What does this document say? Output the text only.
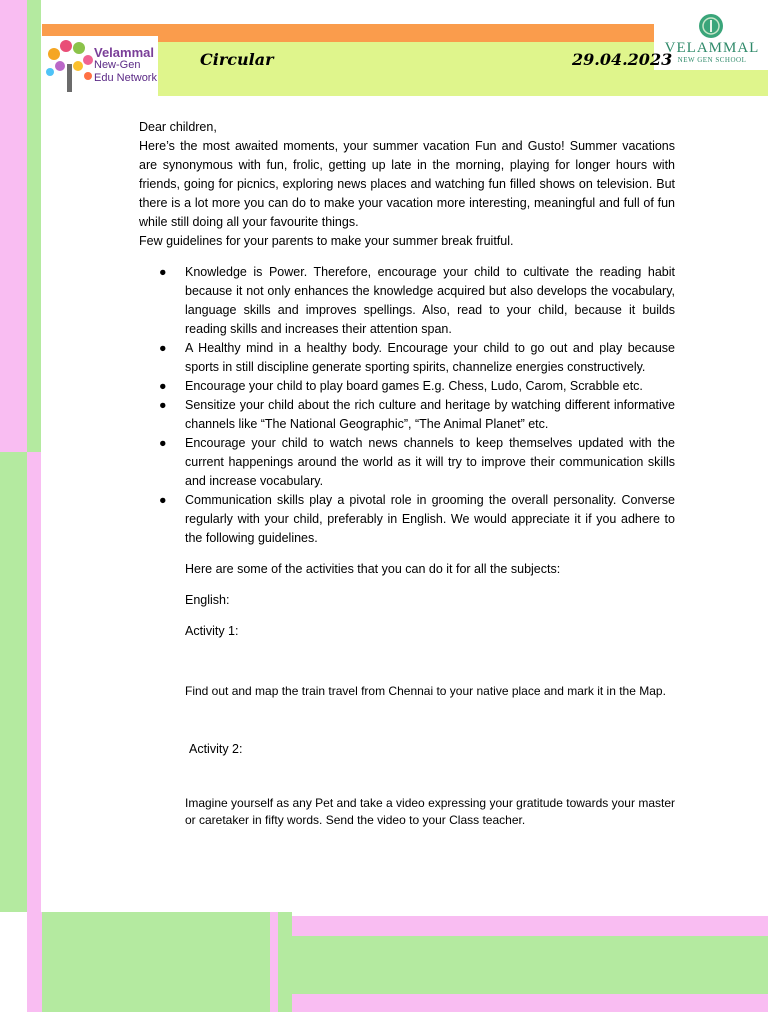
Velammal
New-Gen
Edu Network
VELAMMAL
NEW GEN SCHOOL
Circular	29.04.2023

Dear children,

Here’s the most awaited moments, your summer vacation Fun and Gusto! Summer vacations are synonymous with fun, frolic, getting up late in the morning, playing for longer hours with friends, going for picnics, exploring news places and watching fun filled shows on television. But there is a lot more you can do to make your vacation more interesting, meaningful and full of fun while still doing all your favourite things.

Few guidelines for your parents to make your summer break fruitful.

● Knowledge is Power. Therefore, encourage your child to cultivate the reading habit because it not only enhances the knowledge acquired but also develops the vocabulary, language skills and improves spellings. Also, read to your child, because it builds reading skills and increases their attention span.
● A Healthy mind in a healthy body. Encourage your child to go out and play because sports in still discipline generate sporting spirits, channelize energies constructively.
● Encourage your child to play board games E.g. Chess, Ludo, Carom, Scrabble etc.
● Sensitize your child about the rich culture and heritage by watching different informative channels like “The National Geographic”, “The Animal Planet” etc.
● Encourage your child to watch news channels to keep themselves updated with the current happenings around the world as it will try to improve their communication skills and increase vocabulary.
● Communication skills play a pivotal role in grooming the overall personality. Converse regularly with your child, preferably in English. We would appreciate it if you adhere to the following guidelines.

Here are some of the activities that you can do it for all the subjects:

English:

Activity 1:

Find out and map the train travel from Chennai to your native place and mark it in the Map.

Activity 2:

Imagine yourself as any Pet and take a video expressing your gratitude towards your master or caretaker in fifty words. Send the video to your Class teacher.
